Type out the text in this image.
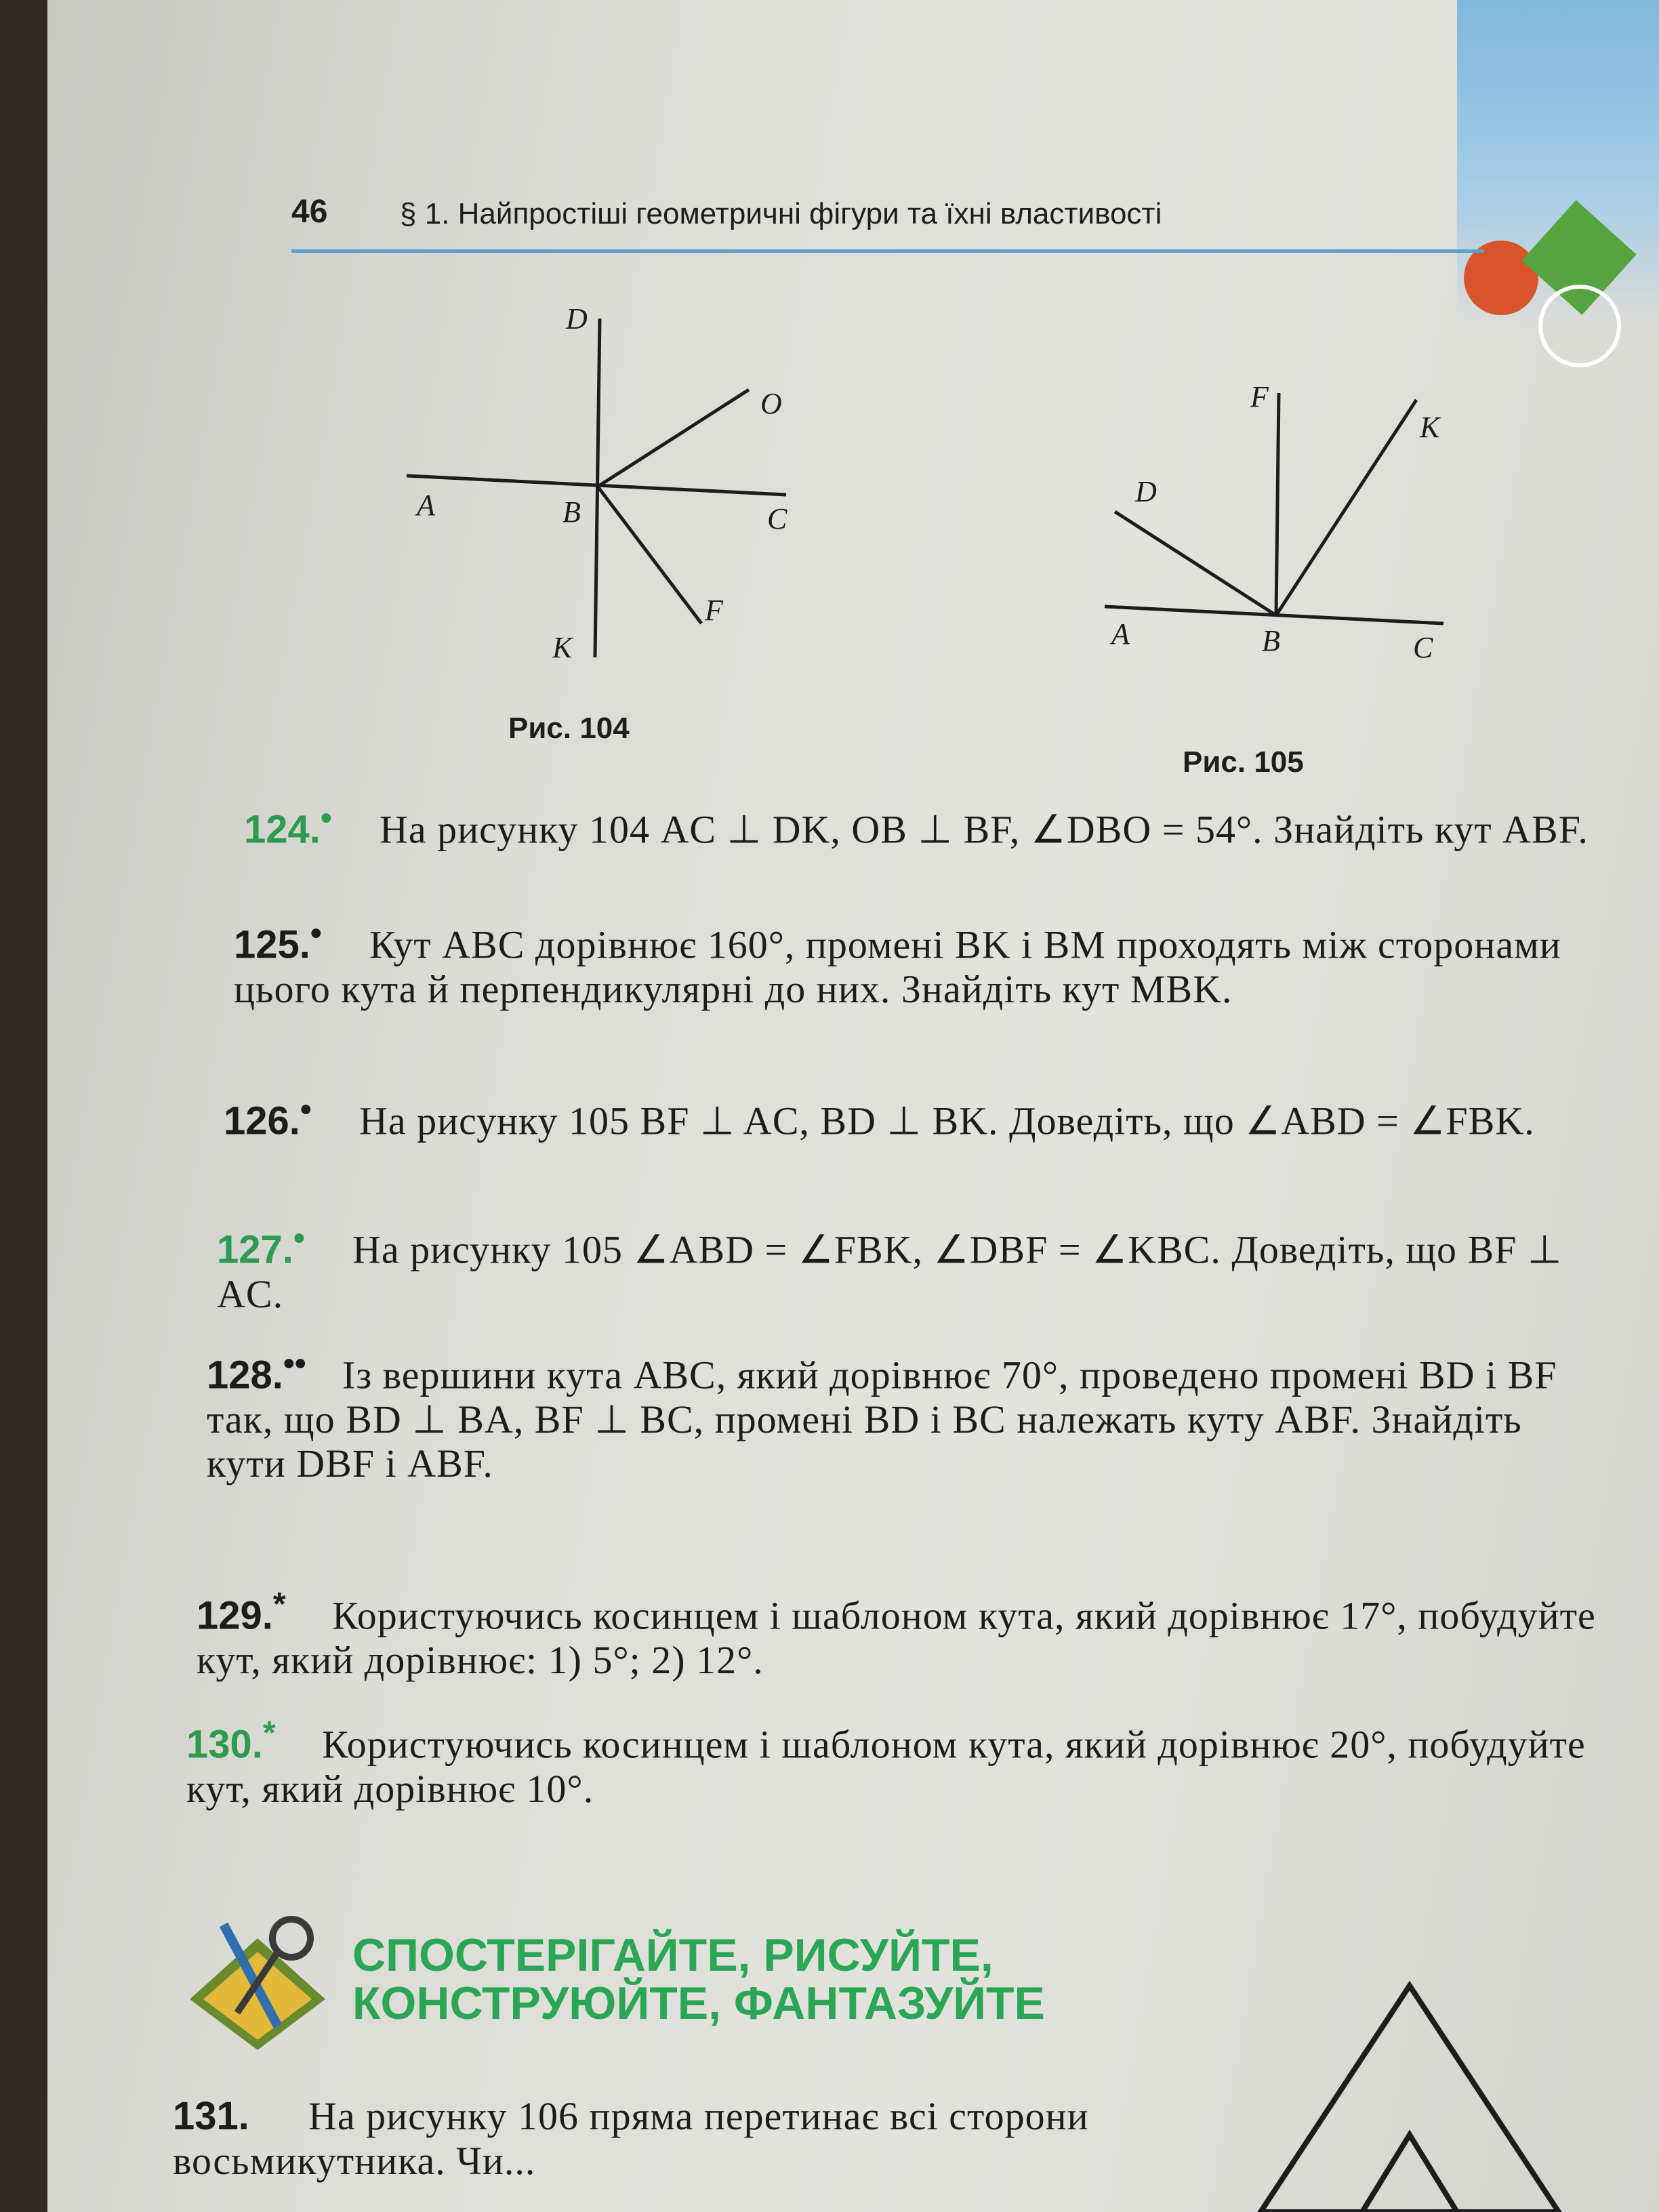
46 § 1. Найпростіші геометричні фігури та їхні властивості
D
O
A	B	C
K
F
Рис. 104
F
K
D
A	B	C
Рис. 105
124.• На рисунку 104 AC ⊥ DK, OB ⊥ BF, ∠DBO = 54°. Знайдіть кут ABF.
125.• Кут ABC дорівнює 160°, промені BK і BM проходять між сторонами цього кута й перпендикулярні до них. Знайдіть кут MBK.
126.• На рисунку 105 BF ⊥ AC, BD ⊥ BK. Доведіть, що ∠ABD = ∠FBK.
127.• На рисунку 105 ∠ABD = ∠FBK, ∠DBF = ∠KBC. Доведіть, що BF ⊥ AC.
128.•• Із вершини кута ABC, який дорівнює 70°, проведено промені BD і BF так, що BD ⊥ BA, BF ⊥ BC, промені BD і BC належать куту ABF. Знайдіть кути DBF і ABF.
129.* Користуючись косинцем і шаблоном кута, який дорівнює 17°, побудуйте кут, який дорівнює: 1) 5°; 2) 12°.
130.* Користуючись косинцем і шаблоном кута, який дорівнює 20°, побудуйте кут, який дорівнює 10°.
СПОСТЕРІГАЙТЕ, РИСУЙТЕ,
КОНСТРУЮЙТЕ, ФАНТАЗУЙТЕ
131. На рисунку 106 пряма перетинає всі сторони восьмикутника. Чи...
